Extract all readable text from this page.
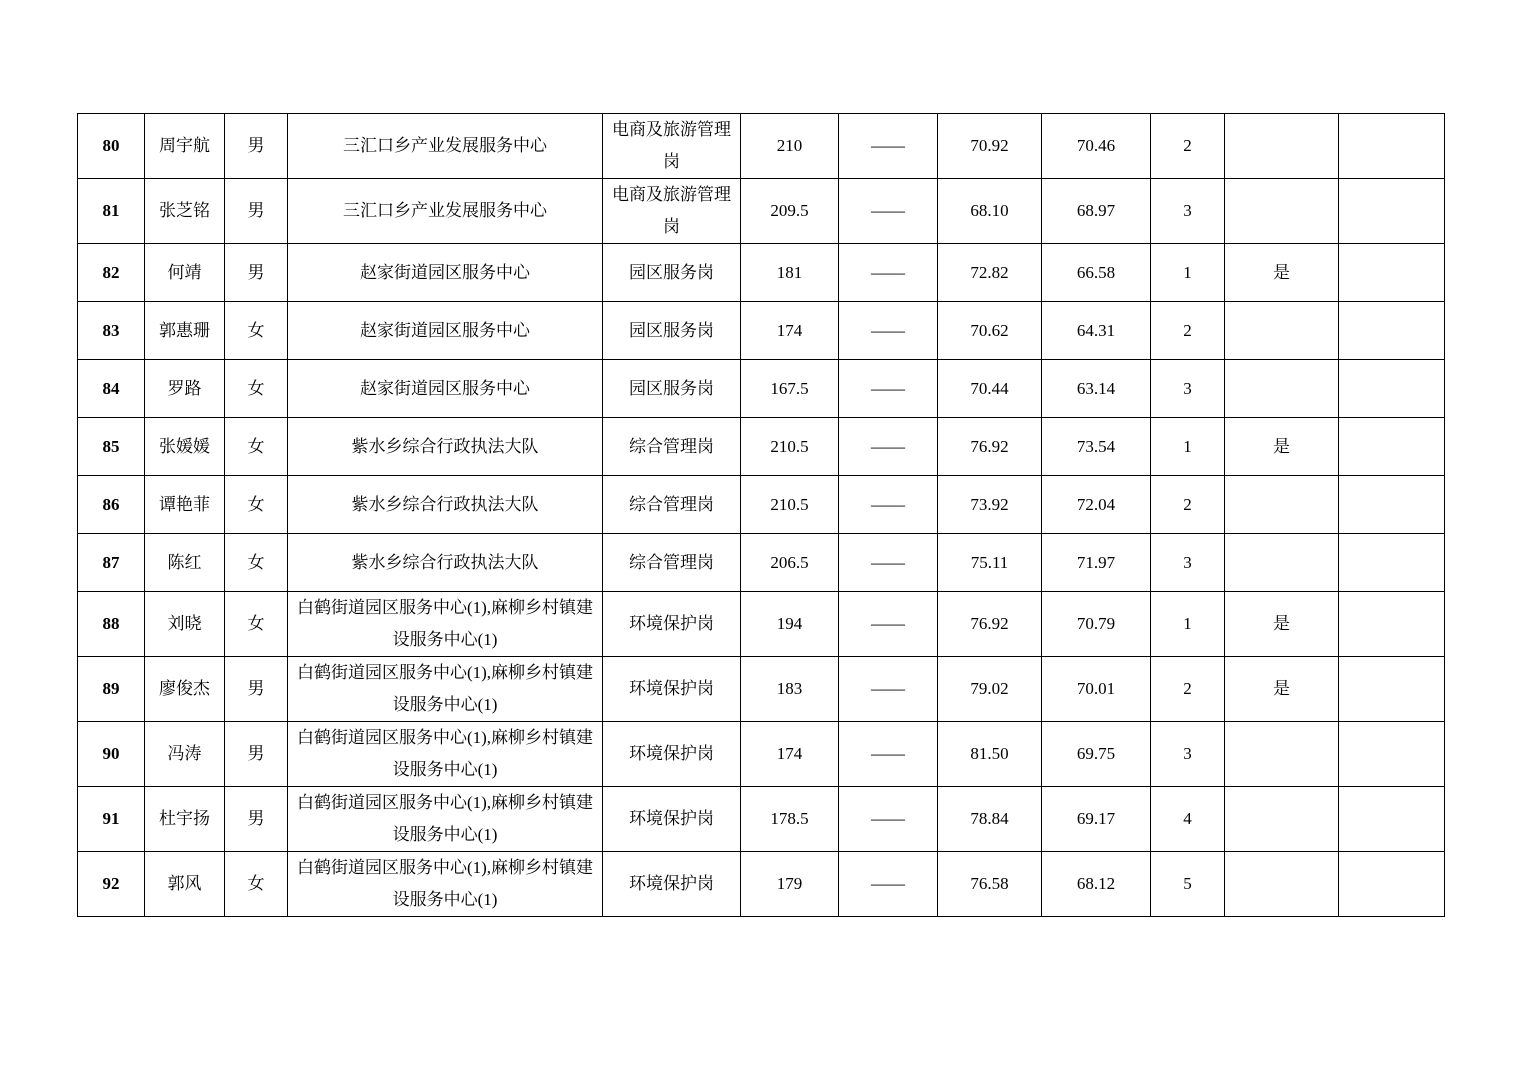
80	周宇航	男	三汇口乡产业发展服务中心	电商及旅游管理岗	210	——	70.92	70.46	2		
81	张芝铭	男	三汇口乡产业发展服务中心	电商及旅游管理岗	209.5	——	68.10	68.97	3		
82	何靖	男	赵家街道园区服务中心	园区服务岗	181	——	72.82	66.58	1	是	
83	郭惠珊	女	赵家街道园区服务中心	园区服务岗	174	——	70.62	64.31	2		
84	罗路	女	赵家街道园区服务中心	园区服务岗	167.5	——	70.44	63.14	3		
85	张媛媛	女	紫水乡综合行政执法大队	综合管理岗	210.5	——	76.92	73.54	1	是	
86	谭艳菲	女	紫水乡综合行政执法大队	综合管理岗	210.5	——	73.92	72.04	2		
87	陈红	女	紫水乡综合行政执法大队	综合管理岗	206.5	——	75.11	71.97	3		
88	刘晓	女	白鹤街道园区服务中心(1),麻柳乡村镇建设服务中心(1)	环境保护岗	194	——	76.92	70.79	1	是	
89	廖俊杰	男	白鹤街道园区服务中心(1),麻柳乡村镇建设服务中心(1)	环境保护岗	183	——	79.02	70.01	2	是	
90	冯涛	男	白鹤街道园区服务中心(1),麻柳乡村镇建设服务中心(1)	环境保护岗	174	——	81.50	69.75	3		
91	杜宇扬	男	白鹤街道园区服务中心(1),麻柳乡村镇建设服务中心(1)	环境保护岗	178.5	——	78.84	69.17	4		
92	郭风	女	白鹤街道园区服务中心(1),麻柳乡村镇建设服务中心(1)	环境保护岗	179	——	76.58	68.12	5		
